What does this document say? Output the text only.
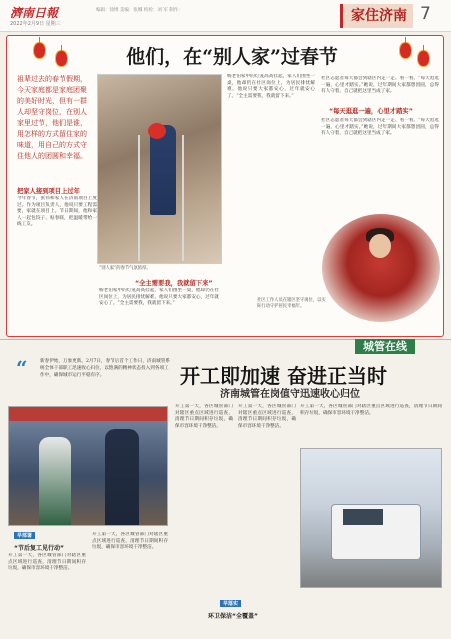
濟南日報
2022年2月9日 星期三
编辑：徐博 美编：张娜 校检：刘 军 制作：	家住济南 7
他们，在“别人家”过春节
祖辈过去的春节假期，今天家庭都是家庭团聚的美好时光，但有一群人却坚守岗位，在别人家里过节，他们是谁，用怎样的方式留住家的味道，用自己的方式守住他人的团圆和幸福。
把家人接到项目上过年
今年春节，张伟和家人在济南项目上度过。作为项目负责人，他说只要工程需要，家就在项目上。节日期间，他和家人一起包饺子、贴春联，把温暖带给一线工友。
“别人家”的春节气氛浓厚。
“全主需要我，我就留下来”
杨老伯家中的灯笼高高挂起，家人们围坐一桌，他却仍在社区岗位上，为居民排忧解难。他说只要大家都安心，过年就安心了。“全主需要我，我就留下来。”
杨老伯家中的灯笼高高挂起，家人们围坐一桌，他却仍在社区岗位上，为居民排忧解难。他说只要大家都安心，过年就安心了。“全主需要我，我就留下来。”
“每天逛逛一遍，心里才踏实”
社区志愿者每天都会到辖区内走一走、看一看。“每天逛逛一遍，心里才踏实。”她说，过年期间大家都想团圆，总得有人守着，自己就把这里当成了家。
社区志愿者每天都会到辖区内走一走、看一看。“每天逛逛一遍，心里才踏实。”她说，过年期间大家都想团圆，总得有人守着，自己就把这里当成了家。
社区工作人员在辖区坚守岗位，以实际行动守护居民幸福年。
城管在线
“	新春伊始，万象更新。2月7日，春节后首个工作日，济南城管系统全体干部职工迅速收心归位，以饱满的精神状态投入到各项工作中，确保城市运行平稳有序。	开工即加速 奋进正当时
济南城管在岗值守迅速收心归位
早部署
“节后复工见行动”
开工第一天，各区城管部门对辖区重点区域进行巡查，清理节日期间积存垃圾，确保市容环境干净整洁。
开工第一天，各区城管部门对辖区重点区域进行巡查，清理节日期间积存垃圾，确保市容环境干净整洁。
开工第一天，各区城管部门对辖区重点区域进行巡查，清理节日期间积存垃圾，确保市容环境干净整洁。
开工第一天，各区城管部门对辖区重点区域进行巡查，清理节日期间积存垃圾，确保市容环境干净整洁。
开工第一天，各区城管部门对辖区重点区域进行巡查，清理节日期间积存垃圾，确保市容环境干净整洁。
早落实
环卫保洁“全覆盖”
